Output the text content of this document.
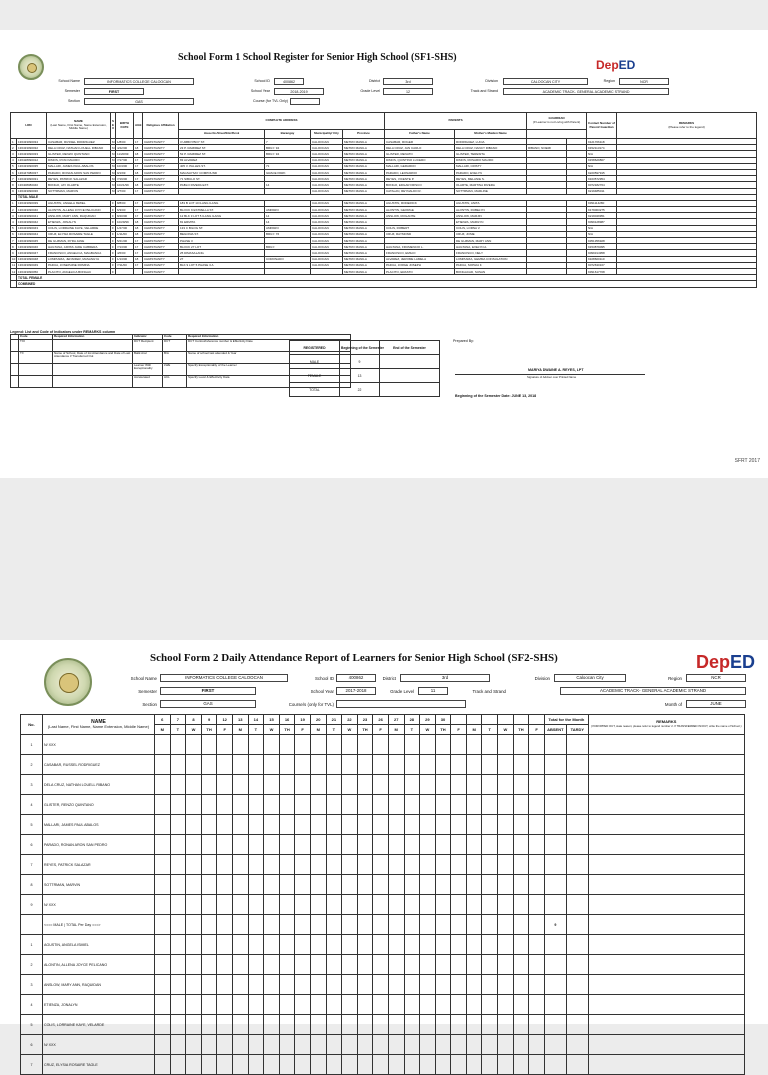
School Form 1 School Register for Senior High School (SF1-SHS)
DepED
School Name	INFORMATICS COLLEGE CALOOCAN	School ID	400862	District	3rd	Division	CALOOCAN CITY	Region	NCR
Semester	FIRST	School Year	2018-2019	Grade Level	12	Track and Strand	ACADEMIC TRACK- GENERAL ACADEMIC STRAND
Section	GAS	Course (for TVL Only)
LRN		NAME
(Last Name, First Name, Name Extension, Middle Name)	S E X	BIRTH DATE	AGE	Religious Affiliation	COMPLETE ADDRESS				PARENTS		GUARDIAN
(If Learner is not Living with Parent)		Contact Number of Parent/ Guardian	REMARKS
(Please refer to the legend)
							House No./Street/Sitio/Purok	Barangay	Municipality/ City	Province	Father's Name	Mother's Maiden Name				
1	136433090034	CASABAR, RUSSEL RODRIGUEZ	M	1/8/00	17	CHRISTIANITY	3 UMBOYBOY ST.	7	CALOOCAN	METRO MANILA	CASABAR, ROGER	RODRIGUEZ, LUCIA			9121706118	
2	136433090032	DELA CRUZ, NATHAN LOUELL RIBANO	M	4/22/00	18	CHRISTIANITY	23 P. RAMIREZ ST.	BRGY. 94	CALOOCAN	METRO MANILA	DELA CRUZ, JAN CARLO	DELA CRUZ, NANCY RIBANO	RIBANO, NOEMI		9152113174	
3	136433090033	GLISTER, RENZO QUINTANO	M	11/20/99	18	CHRISTIANITY	52 P. RAMIREZ ST.	BRGY. 94	CALOOCAN	METRO MANILA	GLISTER, RENATO	GLISTER, TERESITA			N/A	
4	136428090012	DIMOS, RYAN MAURO	M	7/17/00	17	CHRISTIANITY	83 ALVAREZ		CALOOCAN	METRO MANILA	DIMOS, QUINTINO LUCERO	DIMOS, ROSARIO MAURO			9158629867	
5	136433090035	MALLARI, JAMES PAUL ABALOS	M	10/4/00	17	CHRISTIANITY	405 V. PALLES ST.	71	CALOOCAN	METRO MANILA	MALLARI, GERARDO	MALLARI, CRISTY			N/A	
6	136447080037	PARADO, RONAN ARON SAN PEDRO	M	9/1/99	18	CHRISTIANITY	MAGSAYSAY COMPOUND	GRACE PARK	CALOOCAN	METRO MANILA	PARADO, LEONARDO	PARADO, EVELYN			9220597915	
7	136433090031	REYES, PATRICK SALAZAR	M	7/19/00	17	CHRISTIANITY	71 SIBULO ST.		CALOOCAN	METRO MANILA	REYES, VICENTE P.	REYES, MELANIE S.			9163572954	
8	136408080040	BONGO, JAY OLARTE	M	10/21/99	18	CHRISTIANITY	PABLO RIVERA EXT.	14	CALOOCAN	METRO MANILA	BONGO, EDGAR FRISCO	OLARTE, MARTINA RIVERA			9072182764	
9	136433090036	SOTTRMAN, MARVIN	M	4/7/00	17	CHRISTIANITY			CALOOCAN	METRO MANILA	CATALAN, REYNALDO R.	SOTTRMAN, MARLINE			9219485011	
	TOTAL MALE															
1	136433090039	AGUSTIN, ANGELA ISMIEL	F	8/8/00	17	CHRISTIANITY	183 B LOT 10 ILANG ILANG		CALOOCAN	METRO MANILA	AGUSTIN, RODERICK	AGUSTIN, ANITA			9391114280	
2	136433090040	ALONTIN, ALLENA JOYCE PELICANO	F	6/3/00	17	CHRISTIANITY	BLOCK 9 ESTRELLA ST.	AMPARO	CALOOCAN	METRO MANILA	ALONTIN, GEORGE	ALONTIN, RUBELYN			9179003275	
3	136433090041	ANSLOW, MARY ANN, RAQUIDAN	F	8/20/00	17	CHRISTIANITY	12 BLK 3 LOT 5 ILANG ILANG	14	CALOOCAN	METRO MANILA	ANSLOW, ROGANTE	ANSLOW, MARJIN			9219049951	
4	136433090042	ETIENZA, JONALYN	F	10/29/99	18	CHRISTIANITY	81 ERMITA	14	CALOOCAN	METRO MANILA		ETIENZA, MARILYN			9099128987	
5	136433090043	COLIS, LORRAINE KAYE, VELARDE	F	1/27/00	18	CHRISTIANITY	133 C BILOG ST.	AMPARO	CALOOCAN	METRO MANILA	COLIS, ROBERT	COLIS, LORNA V.			N/A	
6	136433090044	CRUZ, ELYSIA ROSAIRE TAGLE	F	1/11/00	18	CHRISTIANITY	BEGONIA ST.	BRGY. 76	CALOOCAN	METRO MANILA	CRUZ, RAYMOND	CRUZ, JOSIE			N/A	
7	136433090045	DE GUZMAN, RYRA JANE	F	5/21/00	17	CHRISTIANITY	PHASE 3		CALOOCAN	METRO MANILA		DE GUZMAN, MARY ANN			9351356928	
8	136433090046	HAGTANA, AIRISS JADE CABRERA	F	7/13/00	17	CHRISTIANITY	BLOCK 27 LOT	BRGY.	CALOOCAN	METRO MANILA	HAGTANA, FRUMENCIO L.	HAGTANA, EVELYN A.			9153879095	
9	136433090047	FRANCISCO, ANGELICA, MAGBANUA	F	4/6/00	17	CHRISTIANITY	25 DIMASALANG		CALOOCAN	METRO MANILA	FRANCISCO, EMILIO	FRANCISCO, NELY			9099314958	
10	136433090048	LOMPIARIA, JENNIFER, MASANGYA	F	1/13/00	18	CHRISTIANITY	27	CORONADO	CALOOCAN	METRO MANILA	ALVAREZ, JEROME LAMELA	LOMPIARIA, GEMMA CONSULATION			9108600110	
11	136433090049	PADUA, JOSEPHINE ROMINA	F	7/11/00	17	CHRISTIANITY	BLK 9 LOT 5 PHASE 3 A		CALOOCAN	METRO MANILA	PADUA, JORGE JOSEPH	PADUA, SOPHIA F.			9072630167	
12	136433090050	PLACITO, ANGELICA BONGAC	F			CHRISTIANITY				METRO MANILA	PLACITO, ERASTO	BONGACAD, SUSAN			9391617708	
	TOTAL FEMALE															
	COMBINED															
Legend: List and Code of Indicators under REMARKS column
	Code	Required Information	Indicator	Code	Required Information
	T/O		DCT Recipient	DCT	DCT Control/reference number & Effectivity Date
	T/I	Name of School, Date of 1st Attendance and Date of Last Attendance if Transferred Out	Balik Aral	B/A	Name of school last attended & Year
			Learner With Exceptionality	LWE	Specify Exceptionality of the Learner
			Accelerated	ACL	Specify Level & Effectivity Data
REGISTERED	Beginning of the Semester	End of the Semester
MALE	9	
FEMALE	13	
TOTAL	22	
Prepared By:
MARIYA DWAINE A. REYES, LPT
Signature of Adviser over Printed Name
Beginning of the Semester Date: JUNE 13, 2018
SFRT 2017
School Form 2 Daily Attendance Report of Learners for Senior High School (SF2-SHS)	DepED
School Name	INFORMATICS COLLEGE CALOOCAN	School ID	400862	District	3rd	Division	Caloocan City	Region	NCR
Semester	FIRST	School Year	2017-2018	Grade Level	11	Track and Strand	ACADEMIC TRACK- GENERAL ACADEMIC STRAND
Section	GAS	Course/s (only for TVL)	Month of	JUNE
No.	NAME
(Last Name, First Name, Name Extension, Middle Name)	6	7	8	9	12	13	14	15	16	19	20	21	22	23	26	27	28	29	30							Total for the Month		REMARKS
(If DROPPED OUT, state reason; please refer to legend number 2. If TRANSFERRED IN/OUT, write the name of School.)
		M	T	W	TH	F	M	T	W	TH	F	M	T	W	TH	F	M	T	W	TH	F	M	T	W	TH	F	ABSENT	TARDY	
1	N/ XXX																												
2	CASABAR, RUSSEL RODRIGUEZ																												
3	DELA CRUZ, NATHAN LOUELL RIBANO																												
4	GLISTER, RENZO QUINTANO																												
5	MALLARI, JAMES PAUL ABALOS																												
6	PARADO, RONAN ARON SAN PEDRO																												
7	REYES, PATRICK SALAZAR																												
8	SOTTRMAN, MARVIN																												
9	N/ XXX																												
	<=== MALE | TOTAL Per Day ===>																										9		
1	AGUSTIN, ANGELA ISMIEL																												
2	ALONTIN, ALLENA JOYCE PELICANO																												
3	ANSLOW, MARY ANN, RAQUIDAN																												
4	ETIENZA, JONALYN																												
5	COLIS, LORRAINE KAYE, VELARDE																												
6	N/ XXX																												
7	CRUZ, ELYSIA ROSAIRE TAGLE																												
